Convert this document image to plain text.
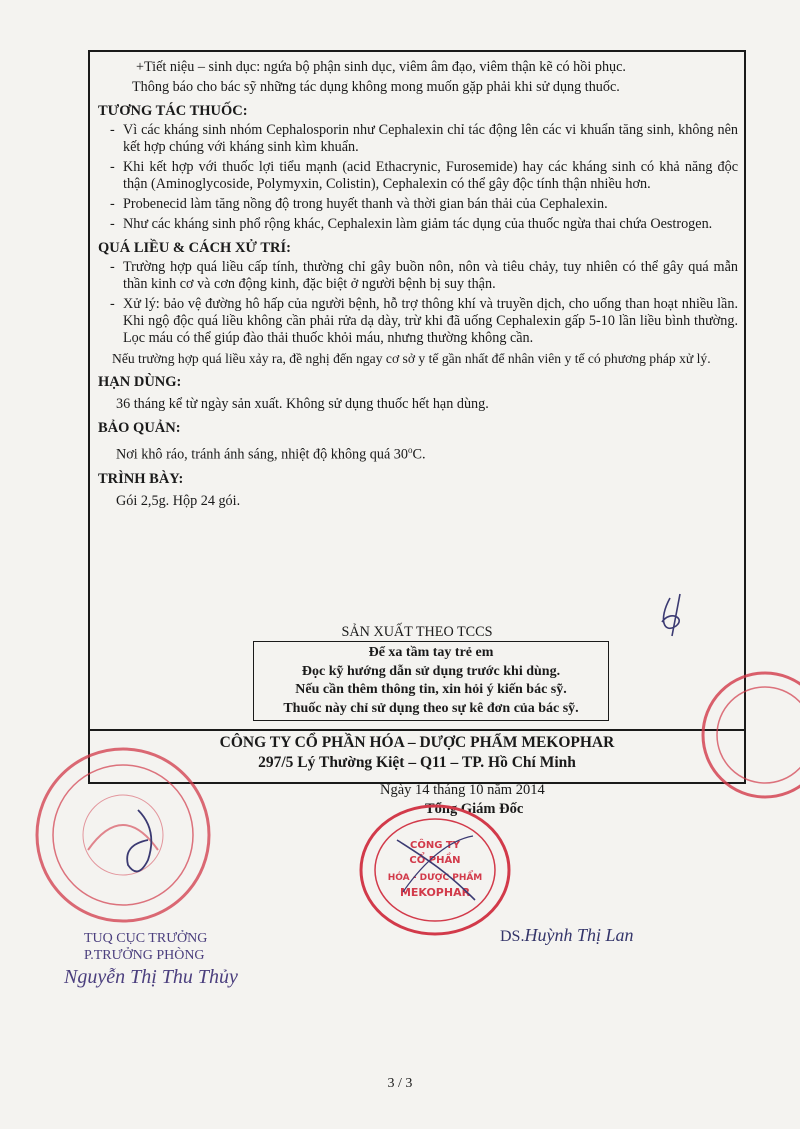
+Tiết niệu – sinh dục: ngứa bộ phận sinh dục, viêm âm đạo, viêm thận kẽ có hồi phục.
Thông báo cho bác sỹ những tác dụng không mong muốn gặp phải khi sử dụng thuốc.
TƯƠNG TÁC THUỐC:
- Vì các kháng sinh nhóm Cephalosporin như Cephalexin chỉ tác động lên các vi khuẩn tăng sinh, không nên kết hợp chúng với kháng sinh kìm khuẩn.
- Khi kết hợp với thuốc lợi tiểu mạnh (acid Ethacrynic, Furosemide) hay các kháng sinh có khả năng độc thận (Aminoglycoside, Polymyxin, Colistin), Cephalexin có thể gây độc tính thận nhiều hơn.
- Probenecid làm tăng nồng độ trong huyết thanh và thời gian bán thải của Cephalexin.
- Như các kháng sinh phổ rộng khác, Cephalexin làm giảm tác dụng của thuốc ngừa thai chứa Oestrogen.
QUÁ LIỀU & CÁCH XỬ TRÍ:
- Trường hợp quá liều cấp tính, thường chỉ gây buồn nôn, nôn và tiêu chảy, tuy nhiên có thể gây quá mẫn thần kinh cơ và cơn động kinh, đặc biệt ở người bệnh bị suy thận.
- Xử lý: bảo vệ đường hô hấp của người bệnh, hỗ trợ thông khí và truyền dịch, cho uống than hoạt nhiều lần. Khi ngộ độc quá liều không cần phải rửa dạ dày, trừ khi đã uống Cephalexin gấp 5-10 lần liều bình thường. Lọc máu có thể giúp đào thải thuốc khỏi máu, nhưng thường không cần.
Nếu trường hợp quá liều xảy ra, đề nghị đến ngay cơ sở y tế gần nhất để nhân viên y tế có phương pháp xử lý.
HẠN DÙNG:
36 tháng kể từ ngày sản xuất. Không sử dụng thuốc hết hạn dùng.
BẢO QUẢN:
Nơi khô ráo, tránh ánh sáng, nhiệt độ không quá 30$^o$C.
TRÌNH BÀY:
Gói 2,5g. Hộp 24 gói.
SẢN XUẤT THEO TCCS
Để xa tầm tay trẻ em
Đọc kỹ hướng dẫn sử dụng trước khi dùng.
Nếu cần thêm thông tin, xin hỏi ý kiến bác sỹ.
Thuốc này chỉ sử dụng theo sự kê đơn của bác sỹ.
CÔNG TY CỔ PHẦN HÓA – DƯỢC PHẨM MEKOPHAR
297/5 Lý Thường Kiệt – Q11 – TP. Hồ Chí Minh
Ngày 14 tháng 10 năm 2014
Tổng Giám Đốc
CÔNG TY
CỔ PHẦN
HÓA - DƯỢC PHẨM
MEKOPHAR
DS.Huỳnh Thị Lan
TUQ CỤC TRƯỞNG
P.TRƯỞNG PHÒNG
Nguyễn Thị Thu Thủy
3 / 3
